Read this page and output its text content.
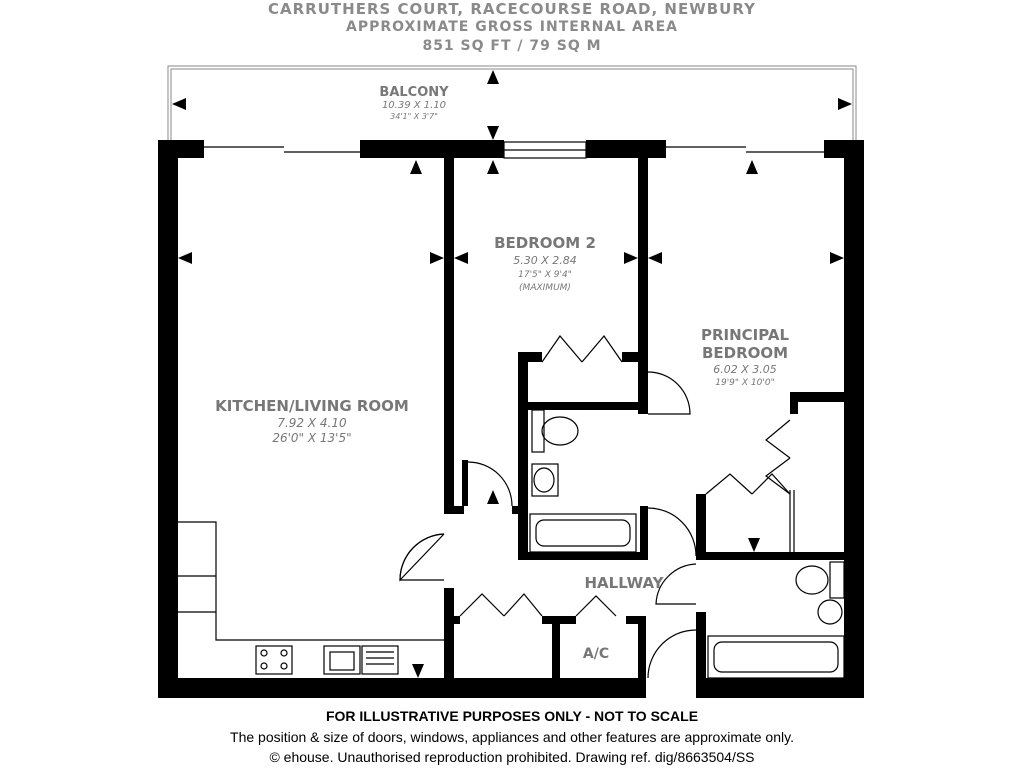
CARRUTHERS COURT, RACECOURSE ROAD, NEWBURY
APPROXIMATE GROSS INTERNAL AREA
851 SQ FT / 79 SQ M
BALCONY
10.39 X 1.10
34'1" X 3'7"
KITCHEN/LIVING ROOM
7.92 X 4.10
26'0" X 13'5"
BEDROOM 2
5.30 X 2.84
17'5" X 9'4"
(MAXIMUM)
PRINCIPAL
BEDROOM
6.02 X 3.05
19'9" X 10'0"
HALLWAY
A/C
FOR ILLUSTRATIVE PURPOSES ONLY - NOT TO SCALE
The position & size of doors, windows, appliances and other features are approximate only.
© ehouse. Unauthorised reproduction prohibited. Drawing ref. dig/8663504/SS
